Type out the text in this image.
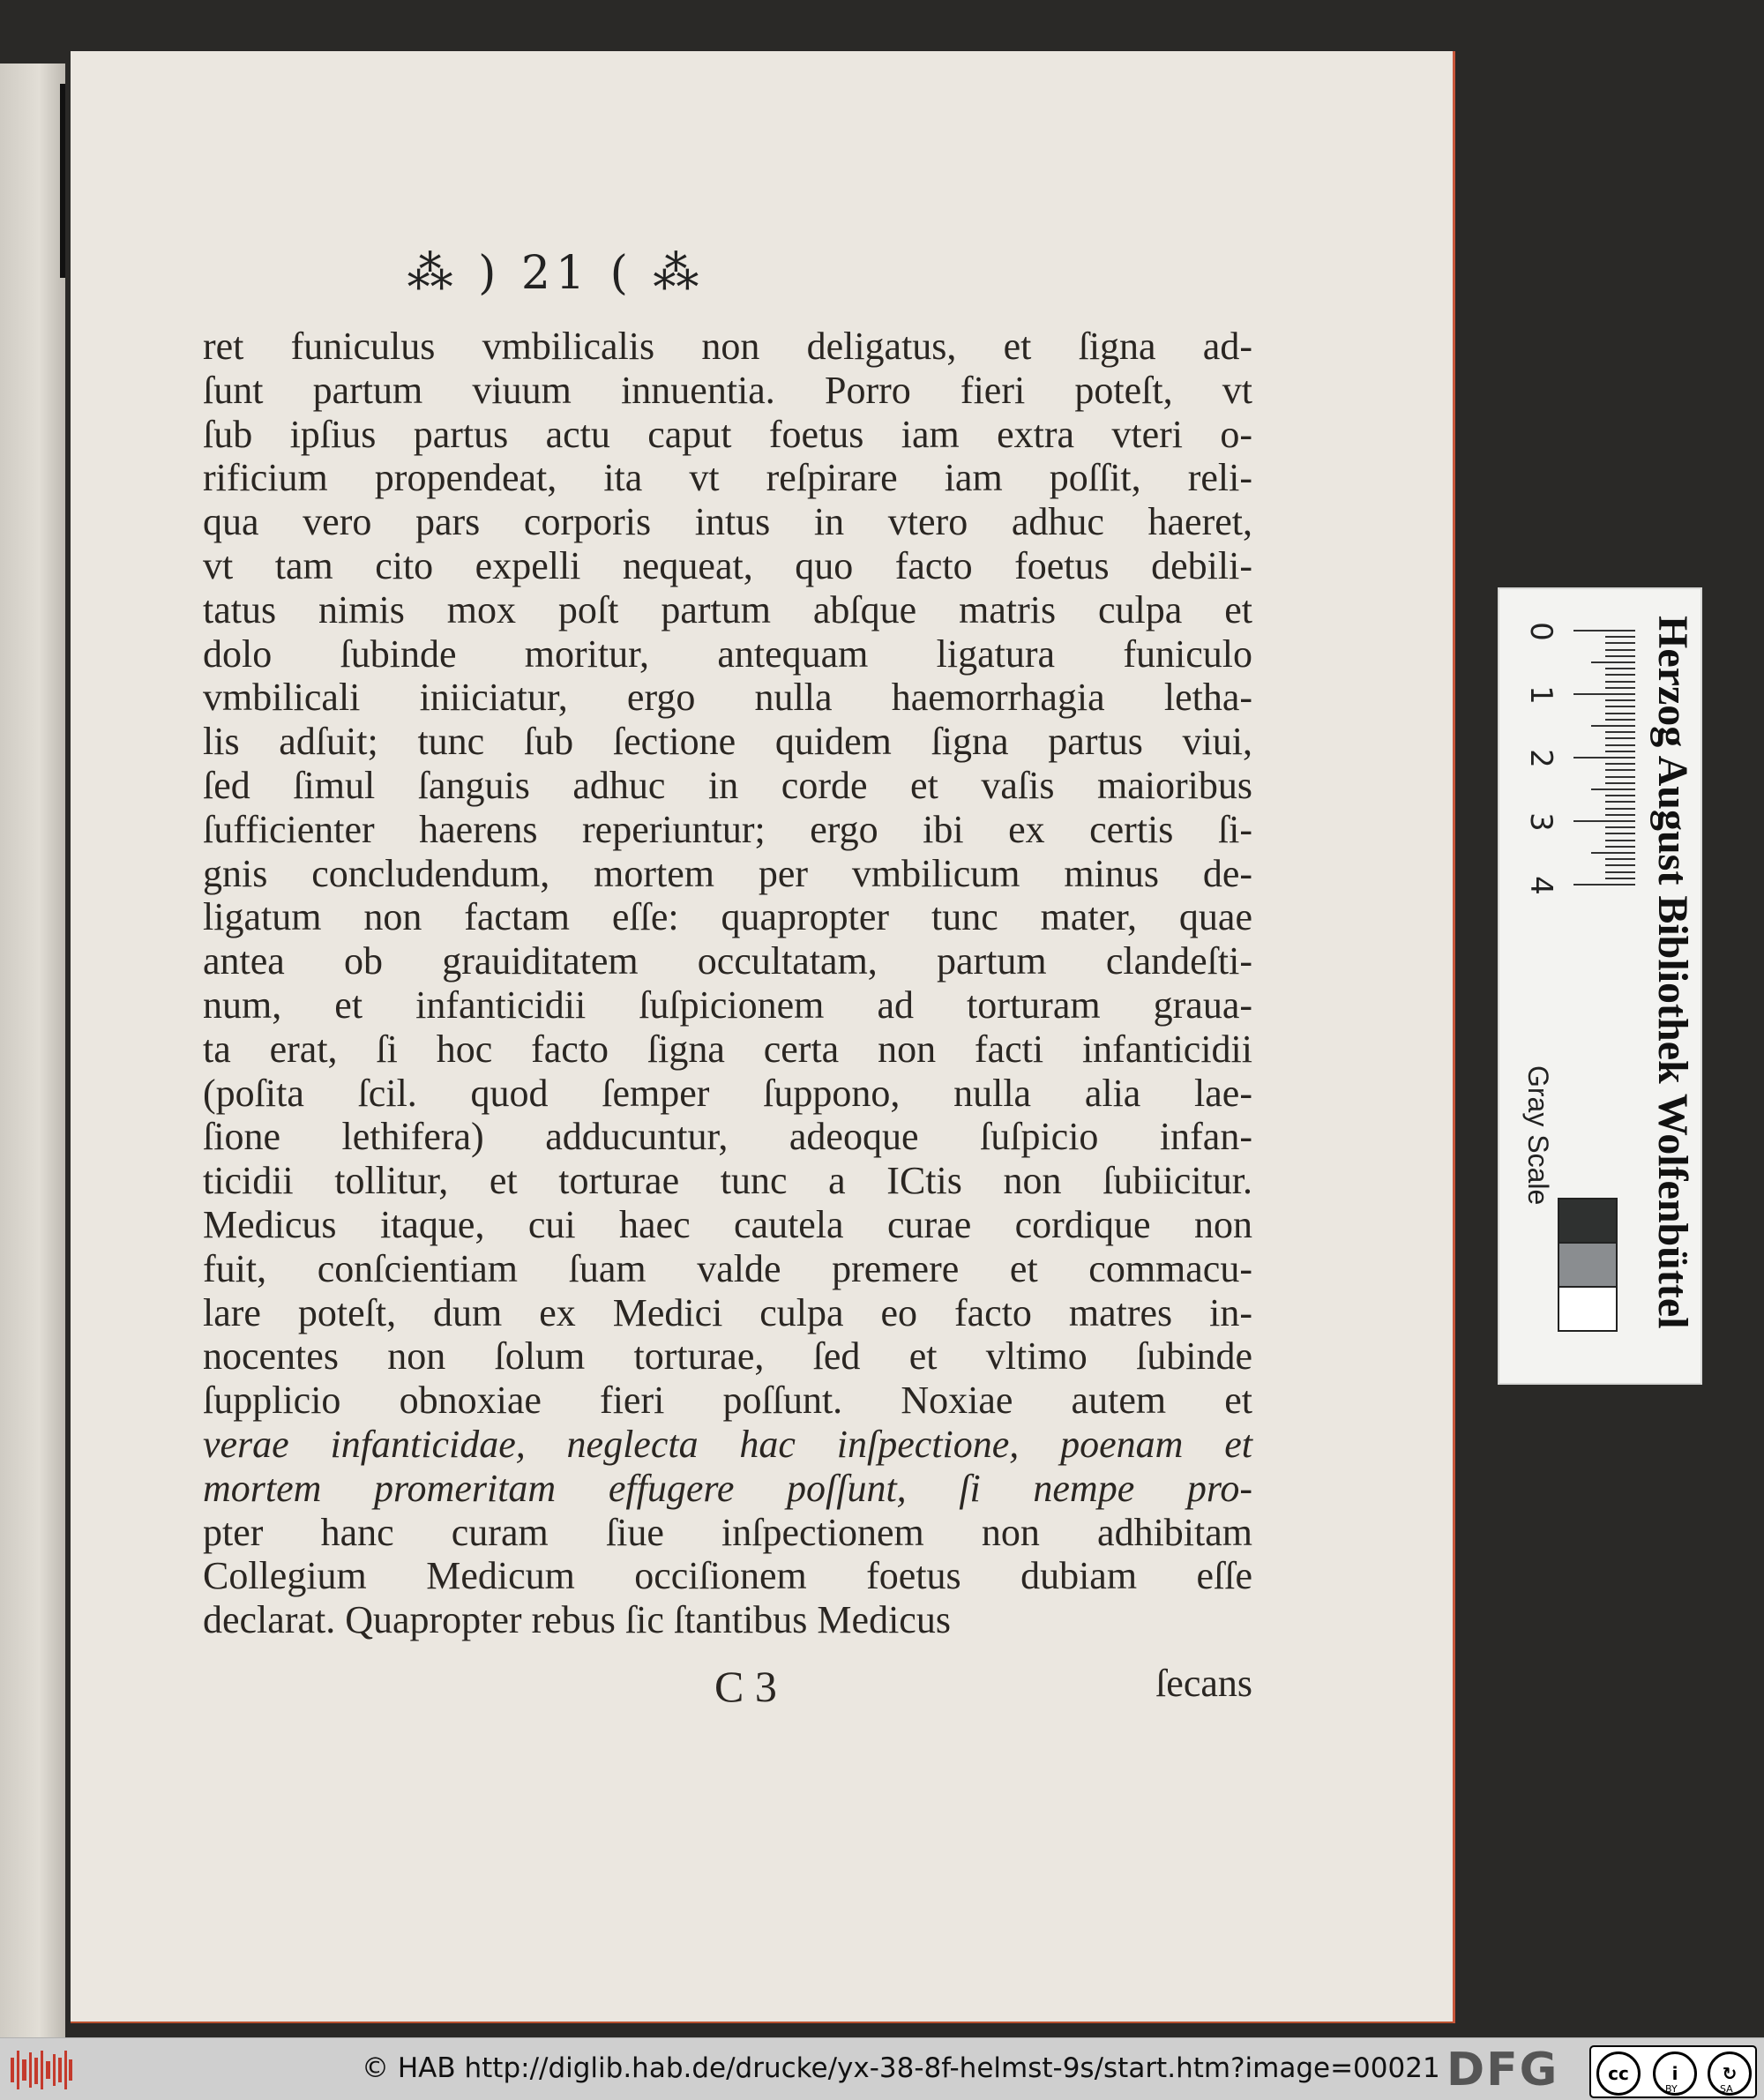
⁂ ) 21 ( ⁂
ret funiculus vmbilicalis non deligatus, et ſigna ad-
ſunt partum viuum innuentia. Porro fieri poteſt, vt
ſub ipſius partus actu caput foetus iam extra vteri o-
rificium propendeat, ita vt reſpirare iam poſſit, reli-
qua vero pars corporis intus in vtero adhuc haeret,
vt tam cito expelli nequeat, quo facto foetus debili-
tatus nimis mox poſt partum abſque matris culpa et
dolo ſubinde moritur, antequam ligatura funiculo
vmbilicali iniiciatur, ergo nulla haemorrhagia letha-
lis adſuit; tunc ſub ſectione quidem ſigna partus viui,
ſed ſimul ſanguis adhuc in corde et vaſis maioribus
ſufficienter haerens reperiuntur; ergo ibi ex certis ſi-
gnis concludendum, mortem per vmbilicum minus de-
ligatum non factam eſſe: quapropter tunc mater, quae
antea ob grauiditatem occultatam, partum clandeſti-
num, et infanticidii ſuſpicionem ad torturam graua-
ta erat, ſi hoc facto ſigna certa non facti infanticidii
(poſita ſcil. quod ſemper ſuppono, nulla alia lae-
ſione lethifera) adducuntur, adeoque ſuſpicio infan-
ticidii tollitur, et torturae tunc a ICtis non ſubiicitur.
Medicus itaque, cui haec cautela curae cordique non
fuit, conſcientiam ſuam valde premere et commacu-
lare poteſt, dum ex Medici culpa eo facto matres in-
nocentes non ſolum torturae, ſed et vltimo ſubinde
ſupplicio obnoxiae fieri poſſunt. Noxiae autem et
verae infanticidae, neglecta hac inſpectione, poenam et
mortem promeritam effugere poſſunt, ſi nempe pro-
pter hanc curam ſiue inſpectionem non adhibitam
Collegium Medicum occiſionem foetus dubiam eſſe
declarat. Quapropter rebus ſic ſtantibus Medicus
C 3	ſecans
0
1
2
3
4
Gray Scale Herzog August Bibliothek Wolfenbüttel
© HAB http://diglib.hab.de/drucke/yx-38-8f-helmst-9s/start.htm?image=00021 DFG	cc	i	↻
BY	SA
